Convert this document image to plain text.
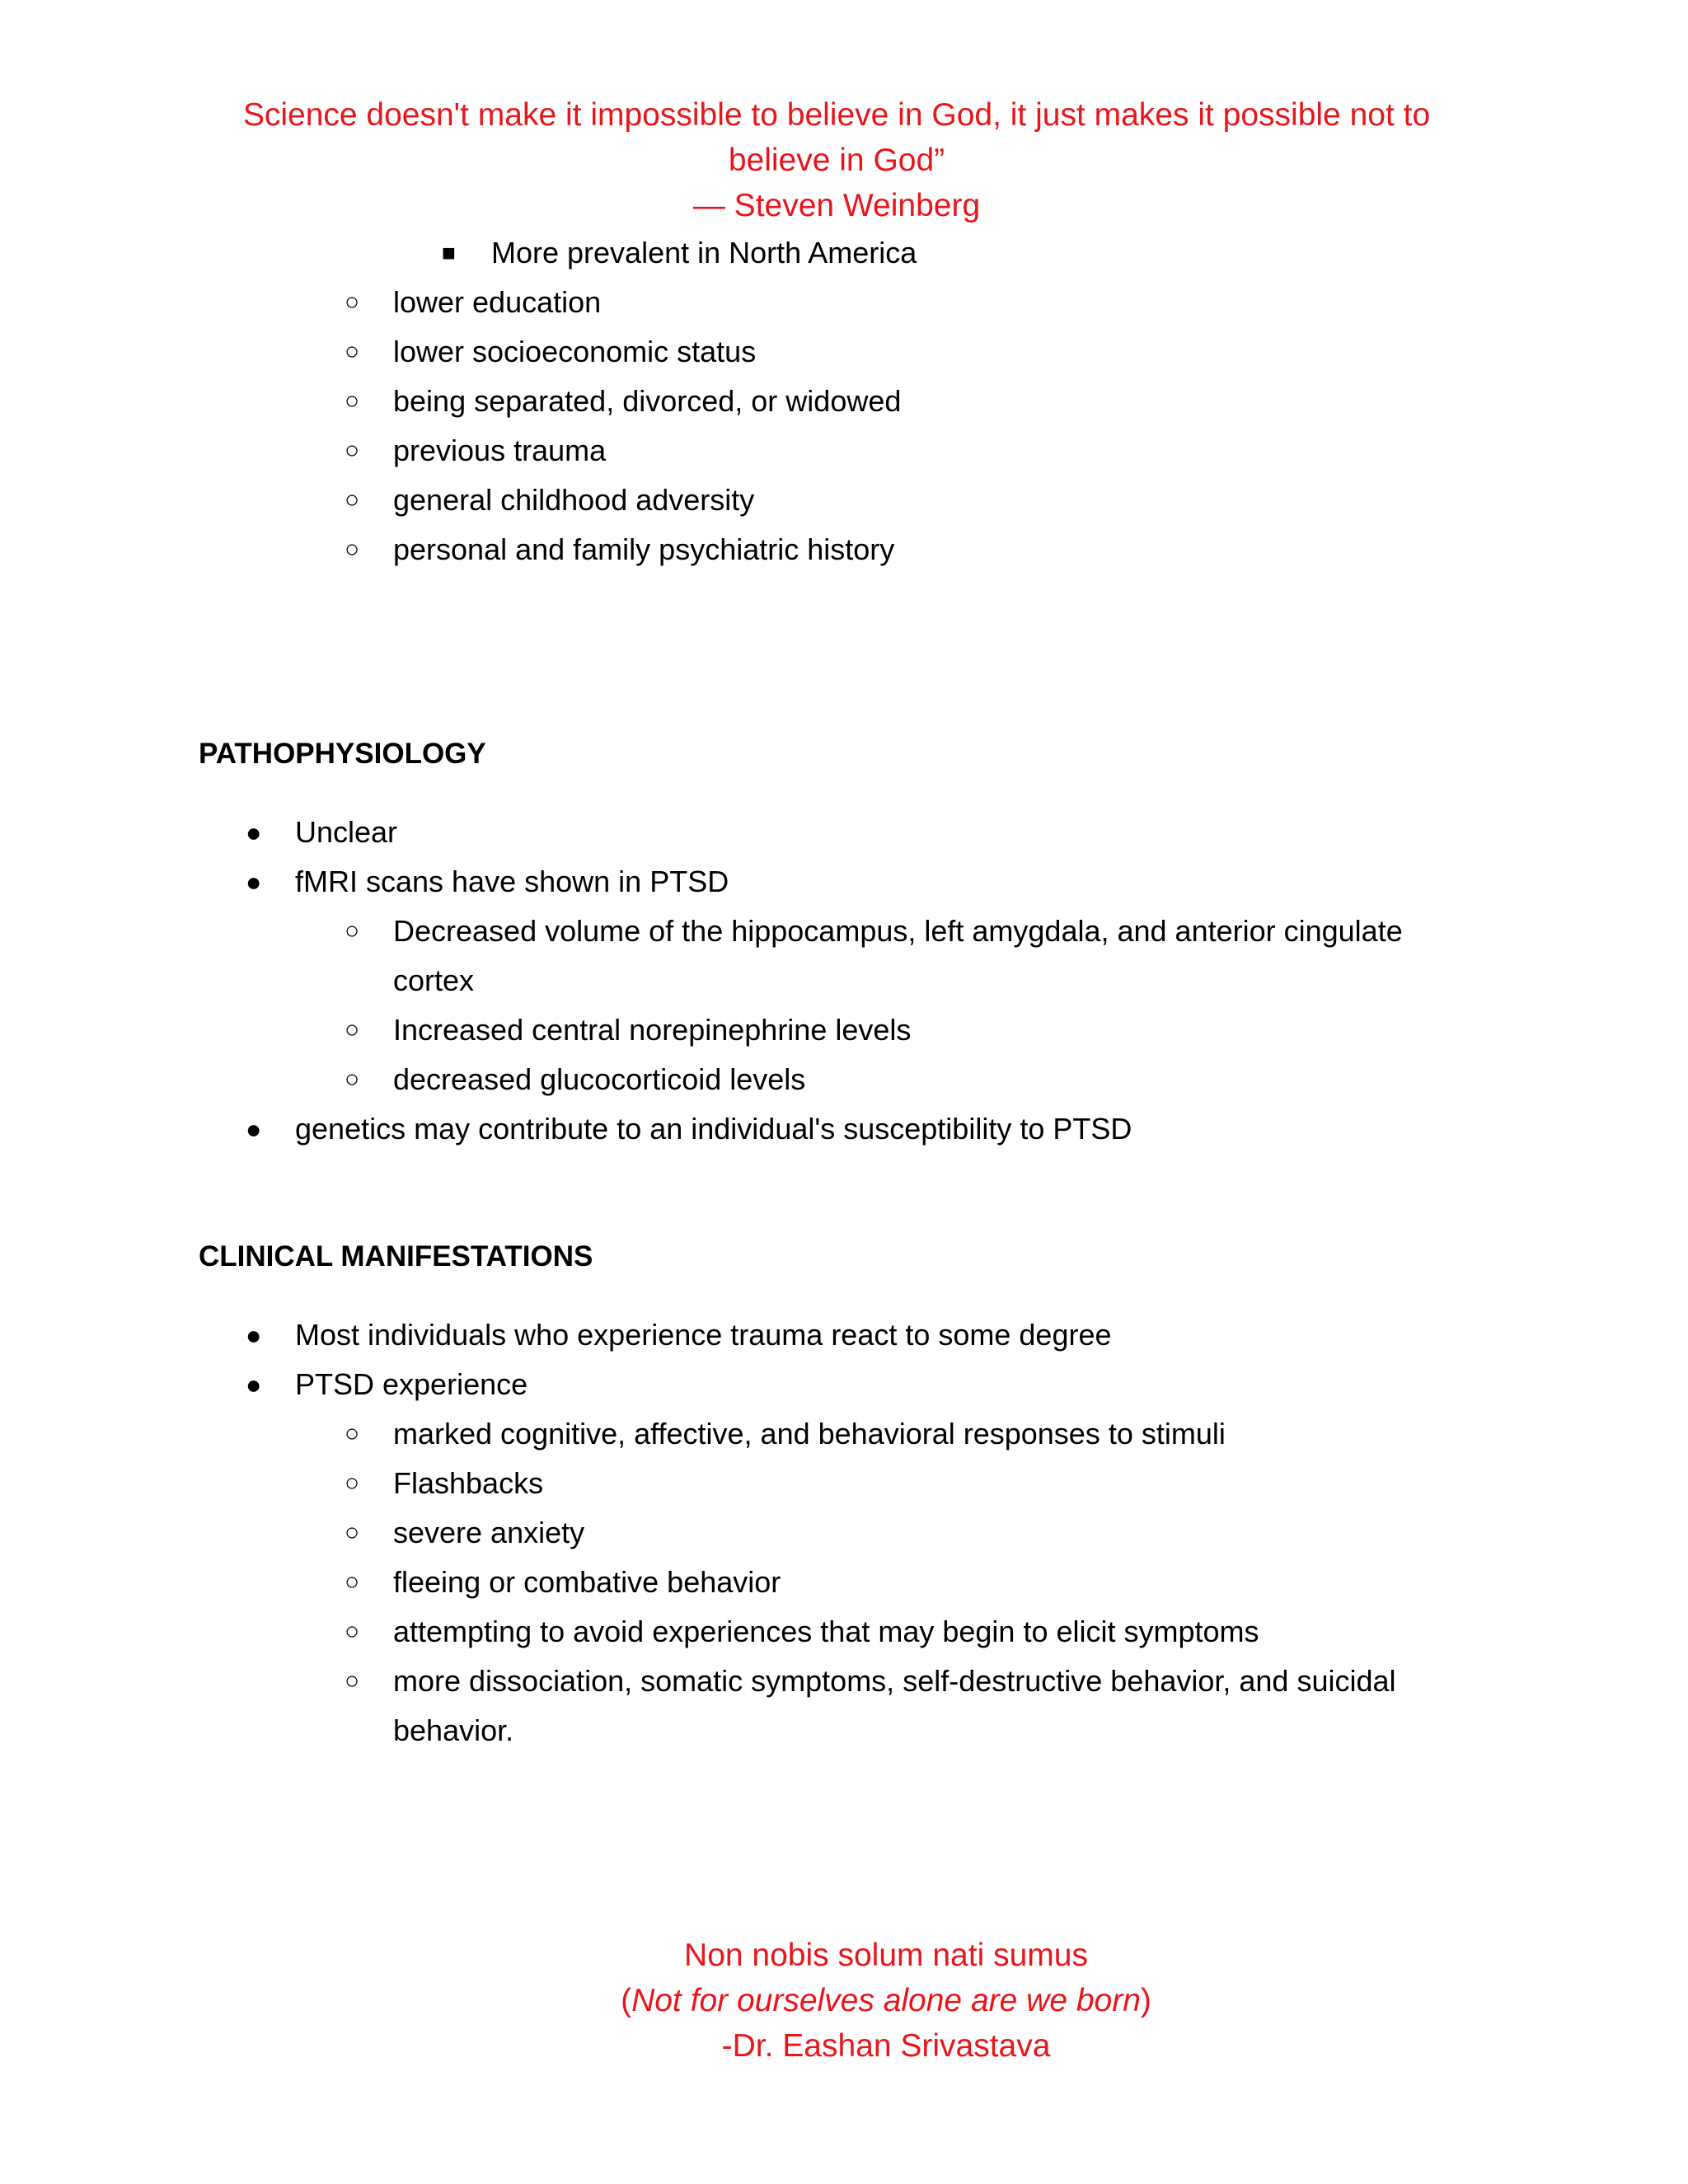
Science doesn't make it impossible to believe in God, it just makes it possible not to
believe in God”
— Steven Weinberg
■ More prevalent in North America
○ lower education
○ lower socioeconomic status
○ being separated, divorced, or widowed
○ previous trauma
○ general childhood adversity
○ personal and family psychiatric history
PATHOPHYSIOLOGY
● Unclear
● fMRI scans have shown in PTSD
○ Decreased volume of the hippocampus, left amygdala, and anterior cingulate
cortex
○ Increased central norepinephrine levels
○ decreased glucocorticoid levels
● genetics may contribute to an individual's susceptibility to PTSD
CLINICAL MANIFESTATIONS
● Most individuals who experience trauma react to some degree
● PTSD experience
○ marked cognitive, affective, and behavioral responses to stimuli
○ Flashbacks
○ severe anxiety
○ fleeing or combative behavior
○ attempting to avoid experiences that may begin to elicit symptoms
○ more dissociation, somatic symptoms, self-destructive behavior, and suicidal
behavior.
Non nobis solum nati sumus
(Not for ourselves alone are we born)
-Dr. Eashan Srivastava
